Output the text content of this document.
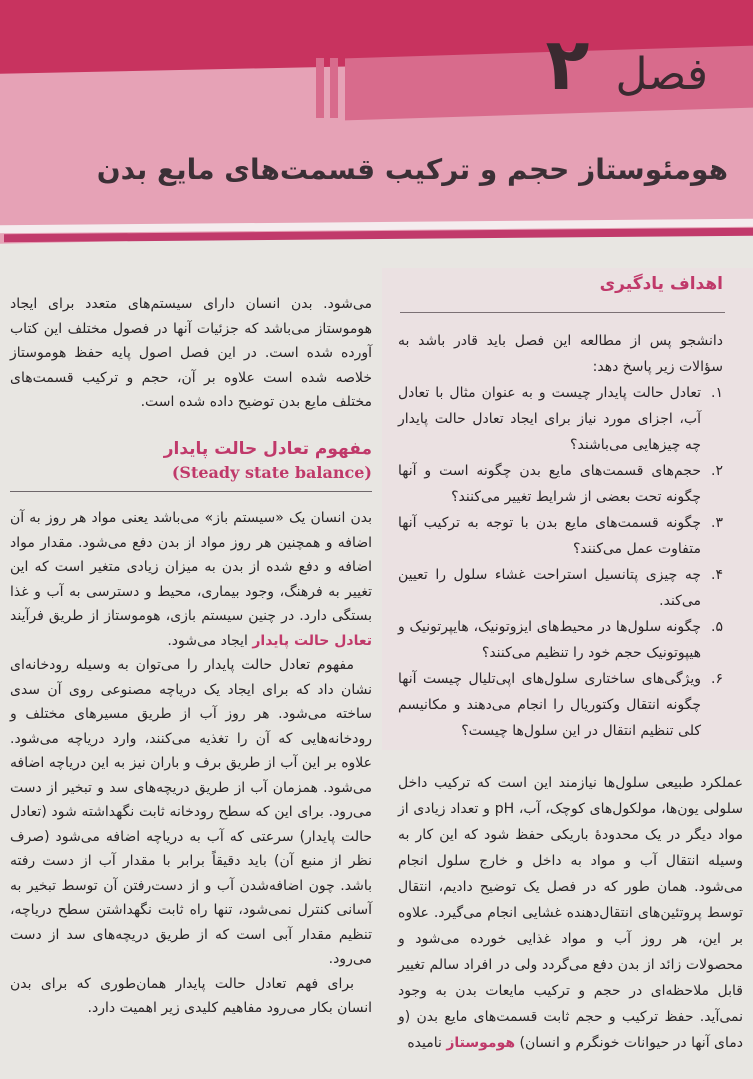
فصل
۲
هومئوستاز حجم و ترکیب قسمت‌های مایع بدن
اهداف یادگیری
دانشجو پس از مطالعه این فصل باید قادر باشد به سؤالات زیر پاسخ دهد:
۱.
تعادل حالت پایدار چیست و به عنوان مثال با تعادل آب، اجزای مورد نیاز برای ایجاد تعادل حالت پایدار چه چیزهایی می‌باشند؟
۲.
حجم‌های قسمت‌های مایع بدن چگونه است و آنها چگونه تحت بعضی از شرایط تغییر می‌کنند؟
۳.
چگونه قسمت‌های مایع بدن با توجه به ترکیب آنها متفاوت عمل می‌کنند؟
۴.
چه چیزی پتانسیل استراحت غشاء سلول را تعیین می‌کند.
۵.
چگونه سلول‌ها در محیط‌های ایزوتونیک، هایپرتونیک و هیپوتونیک حجم خود را تنظیم می‌کنند؟
۶.
ویژگی‌های ساختاری سلول‌های اپی‌تلیال چیست آنها چگونه انتقال وکتوریال را انجام می‌دهند و مکانیسم کلی تنظیم انتقال در این سلول‌ها چیست؟

عملکرد طبیعی سلول‌ها نیازمند این است که ترکیب داخل سلولی یون‌ها، مولکول‌های کوچک، آب، pH و تعداد زیادی از مواد دیگر در یک محدودهٔ باریکی حفظ شود که این کار به وسیله انتقال آب و مواد به داخل و خارج سلول انجام می‌شود. همان طور که در فصل یک توضیح دادیم، انتقال توسط پروتئین‌های انتقال‌دهنده غشایی انجام می‌گیرد. علاوه بر این، هر روز آب و مواد غذایی خورده می‌شود و محصولات زائد از بدن دفع می‌گردد ولی در افراد سالم تغییر قابل ملاحظه‌ای در حجم و ترکیب مایعات بدن به وجود نمی‌آید. حفظ ترکیب و حجم ثابت قسمت‌های مایع بدن (و دمای آنها در حیوانات خونگرم و انسان) هوموستاز نامیده

می‌شود. بدن انسان دارای سیستم‌های متعدد برای ایجاد هوموستاز می‌باشد که جزئیات آنها در فصول مختلف این کتاب آورده شده است. در این فصل اصول پایه حفظ هوموستاز خلاصه شده است علاوه بر آن، حجم و ترکیب قسمت‌های مختلف مایع بدن توضیح داده شده است.

مفهوم تعادل حالت پایدار
(Steady state balance)

بدن انسان یک «سیستم باز» می‌باشد یعنی مواد هر روز به آن اضافه و همچنین هر روز مواد از بدن دفع می‌شود. مقدار مواد اضافه و دفع شده از بدن به میزان زیادی متغیر است که این تغییر به فرهنگ، وجود بیماری، محیط و دسترسی به آب و غذا بستگی دارد. در چنین سیستم بازی، هوموستاز از طریق فرآیند تعادل حالت پایدار ایجاد می‌شود.

مفهوم تعادل حالت پایدار را می‌توان به وسیله رودخانه‌ای نشان داد که برای ایجاد یک دریاچه مصنوعی روی آن سدی ساخته می‌شود. هر روز آب از طریق مسیرهای مختلف و رودخانه‌هایی که آن را تغذیه می‌کنند، وارد دریاچه می‌شود. علاوه بر این آب از طریق برف و باران نیز به این دریاچه اضافه می‌شود. همزمان آب از طریق دریچه‌های سد و تبخیر از دست می‌رود. برای این که سطح رودخانه ثابت نگهداشته شود (تعادل حالت پایدار) سرعتی که آب به دریاچه اضافه می‌شود (صرف نظر از منبع آن) باید دقیقاً برابر با مقدار آب از دست رفته باشد. چون اضافه‌شدن آب و از دست‌رفتن آن توسط تبخیر به آسانی کنترل نمی‌شود، تنها راه ثابت نگهداشتن سطح دریاچه، تنظیم مقدار آبی است که از طریق دریچه‌های سد از دست می‌رود.

برای فهم تعادل حالت پایدار همان‌طوری که برای بدن انسان بکار می‌رود مفاهیم کلیدی زیر اهمیت دارد.
